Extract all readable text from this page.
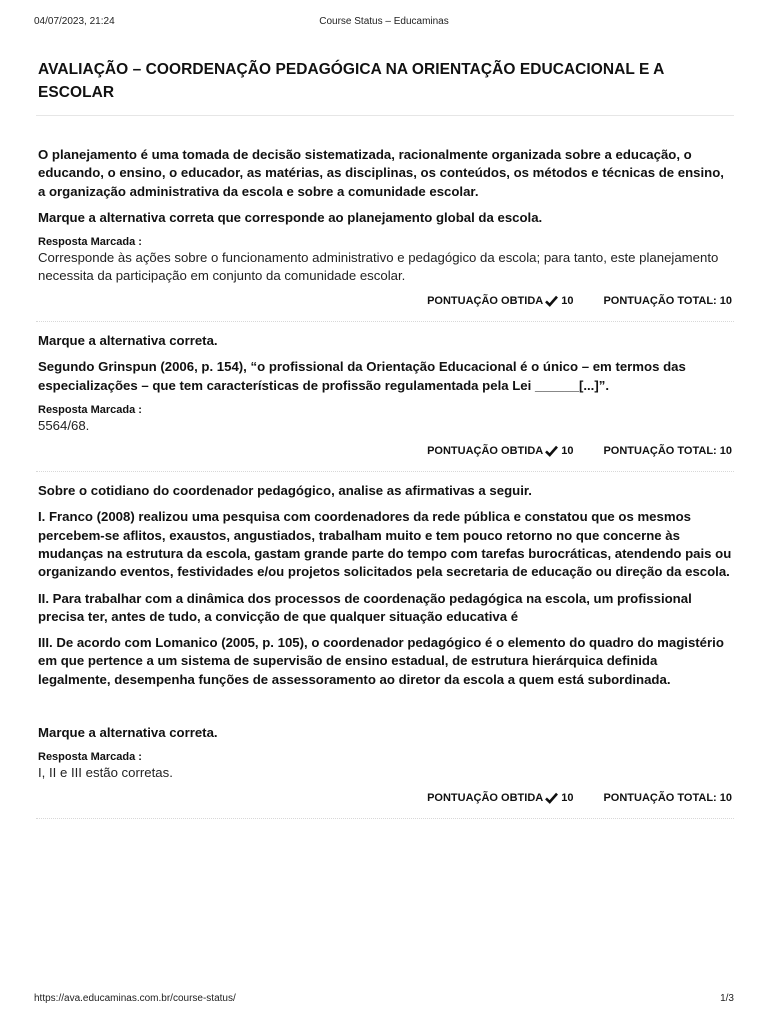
04/07/2023, 21:24	Course Status – Educaminas
AVALIAÇÃO – COORDENAÇÃO PEDAGÓGICA NA ORIENTAÇÃO EDUCACIONAL E A ESCOLAR

O planejamento é uma tomada de decisão sistematizada, racionalmente organizada sobre a educação, o educando, o ensino, o educador, as matérias, as disciplinas, os conteúdos, os métodos e técnicas de ensino, a organização administrativa da escola e sobre a comunidade escolar.

Marque a alternativa correta que corresponde ao planejamento global da escola.

Resposta Marcada :

Corresponde às ações sobre o funcionamento administrativo e pedagógico da escola; para tanto, este planejamento necessita da participação em conjunto da comunidade escolar.

PONTUAÇÃO OBTIDA 10	PONTUAÇÃO TOTAL: 10

Marque a alternativa correta.

Segundo Grinspun (2006, p. 154), “o profissional da Orientação Educacional é o único – em termos das especializações – que tem características de profissão regulamentada pela Lei ______[...]”.

Resposta Marcada :

5564/68.

PONTUAÇÃO OBTIDA 10	PONTUAÇÃO TOTAL: 10

Sobre o cotidiano do coordenador pedagógico, analise as afirmativas a seguir.

I. Franco (2008) realizou uma pesquisa com coordenadores da rede pública e constatou que os mesmos percebem-se aflitos, exaustos, angustiados, trabalham muito e tem pouco retorno no que concerne às mudanças na estrutura da escola, gastam grande parte do tempo com tarefas burocráticas, atendendo pais ou organizando eventos, festividades e/ou projetos solicitados pela secretaria de educação ou direção da escola.

II. Para trabalhar com a dinâmica dos processos de coordenação pedagógica na escola, um profissional precisa ter, antes de tudo, a convicção de que qualquer situação educativa é

III. De acordo com Lomanico (2005, p. 105), o coordenador pedagógico é o elemento do quadro do magistério em que pertence a um sistema de supervisão de ensino estadual, de estrutura hierárquica definida legalmente, desempenha funções de assessoramento ao diretor da escola a quem está subordinada.

Marque a alternativa correta.

Resposta Marcada :

I, II e III estão corretas.

PONTUAÇÃO OBTIDA 10	PONTUAÇÃO TOTAL: 10
https://ava.educaminas.com.br/course-status/	1/3
